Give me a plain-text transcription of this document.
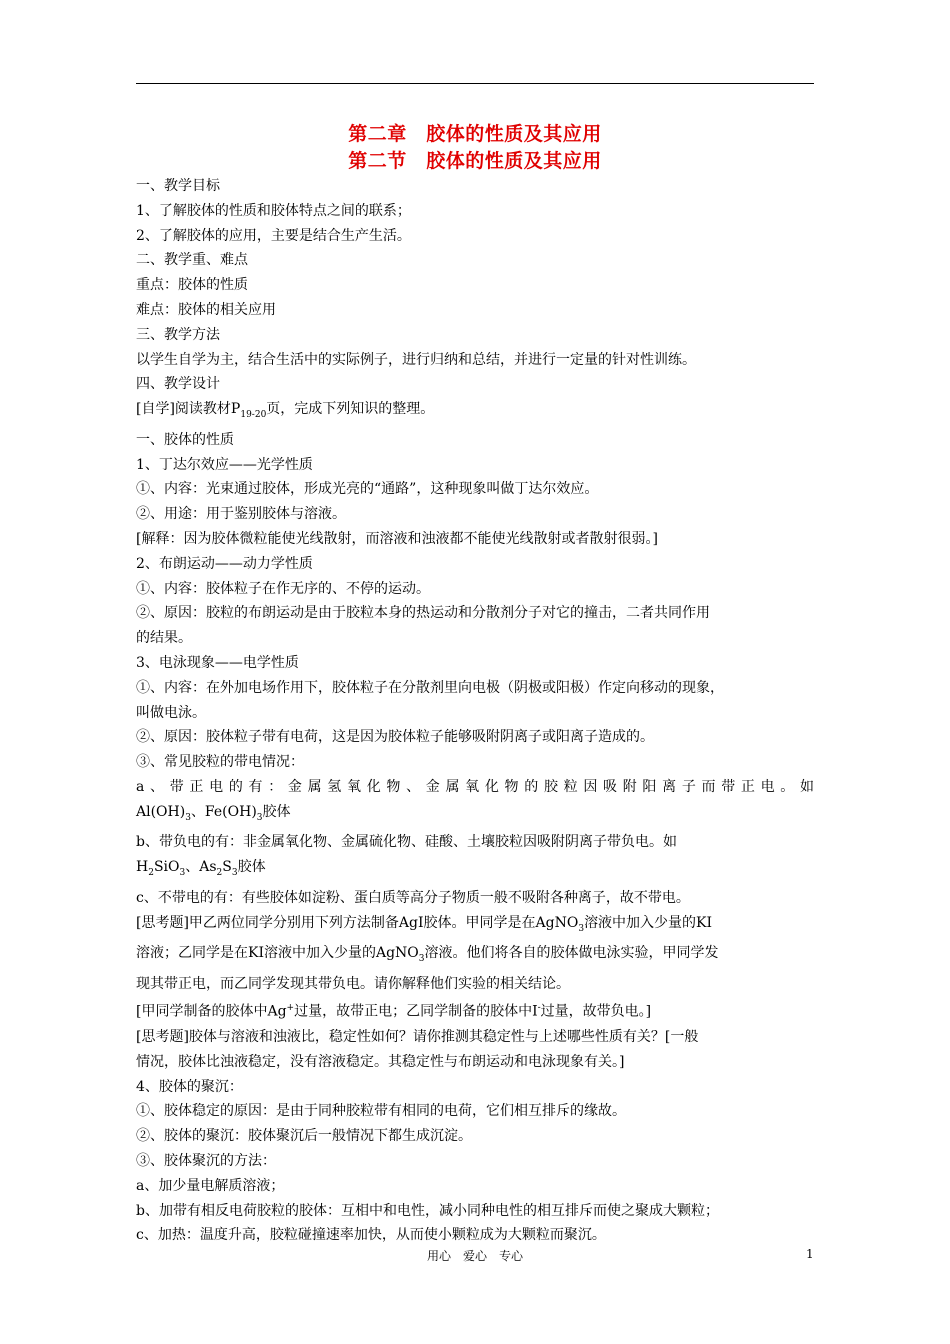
第二章　胶体的性质及其应用
第二节　胶体的性质及其应用
一、教学目标
1、了解胶体的性质和胶体特点之间的联系；
2、了解胶体的应用，主要是结合生产生活。
二、教学重、难点
重点：胶体的性质
难点：胶体的相关应用
三、教学方法
以学生自学为主，结合生活中的实际例子，进行归纳和总结，并进行一定量的针对性训练。
四、教学设计
[自学]阅读教材$P_{19-20}$页，完成下列知识的整理。
一、胶体的性质
1、丁达尔效应——光学性质
①、内容：光束通过胶体，形成光亮的“通路”，这种现象叫做丁达尔效应。
②、用途：用于鉴别胶体与溶液。
[解释：因为胶体微粒能使光线散射，而溶液和浊液都不能使光线散射或者散射很弱。]
2、布朗运动——动力学性质
①、内容：胶体粒子在作无序的、不停的运动。
②、原因：胶粒的布朗运动是由于胶粒本身的热运动和分散剂分子对它的撞击，二者共同作用
的结果。
3、电泳现象——电学性质
①、内容：在外加电场作用下，胶体粒子在分散剂里向电极（阴极或阳极）作定向移动的现象，
叫做电泳。
②、原因：胶体粒子带有电荷，这是因为胶体粒子能够吸附阴离子或阳离子造成的。
③、常见胶粒的带电情况：
a、带正电的有：金属氢氧化物、金属氧化物的胶粒因吸附阳离子而带正电。如
$Al(OH)_3$、$Fe(OH)_3$胶体
b、带负电的有：非金属氧化物、金属硫化物、硅酸、土壤胶粒因吸附阴离子带负电。如
$H_2SiO_3$、$As_2S_3$胶体
c、不带电的有：有些胶体如淀粉、蛋白质等高分子物质一般不吸附各种离子，故不带电。
[思考题]甲乙两位同学分别用下列方法制备AgI胶体。甲同学是在AgNO$_3$溶液中加入少量的KI
溶液；乙同学是在KI溶液中加入少量的AgNO$_3$溶液。他们将各自的胶体做电泳实验，甲同学发
现其带正电，而乙同学发现其带负电。请你解释他们实验的相关结论。
[甲同学制备的胶体中Ag+过量，故带正电；乙同学制备的胶体中I-过量，故带负电。]
[思考题]胶体与溶液和浊液比，稳定性如何？请你推测其稳定性与上述哪些性质有关？[一般
情况，胶体比浊液稳定，没有溶液稳定。其稳定性与布朗运动和电泳现象有关。]
4、胶体的聚沉：
①、胶体稳定的原因：是由于同种胶粒带有相同的电荷，它们相互排斥的缘故。
②、胶体的聚沉：胶体聚沉后一般情况下都生成沉淀。
③、胶体聚沉的方法：
a、加少量电解质溶液；
b、加带有相反电荷胶粒的胶体：互相中和电性，减小同种电性的相互排斥而使之聚成大颗粒；
c、加热：温度升高，胶粒碰撞速率加快，从而使小颗粒成为大颗粒而聚沉。
用心　爱心　专心	1
